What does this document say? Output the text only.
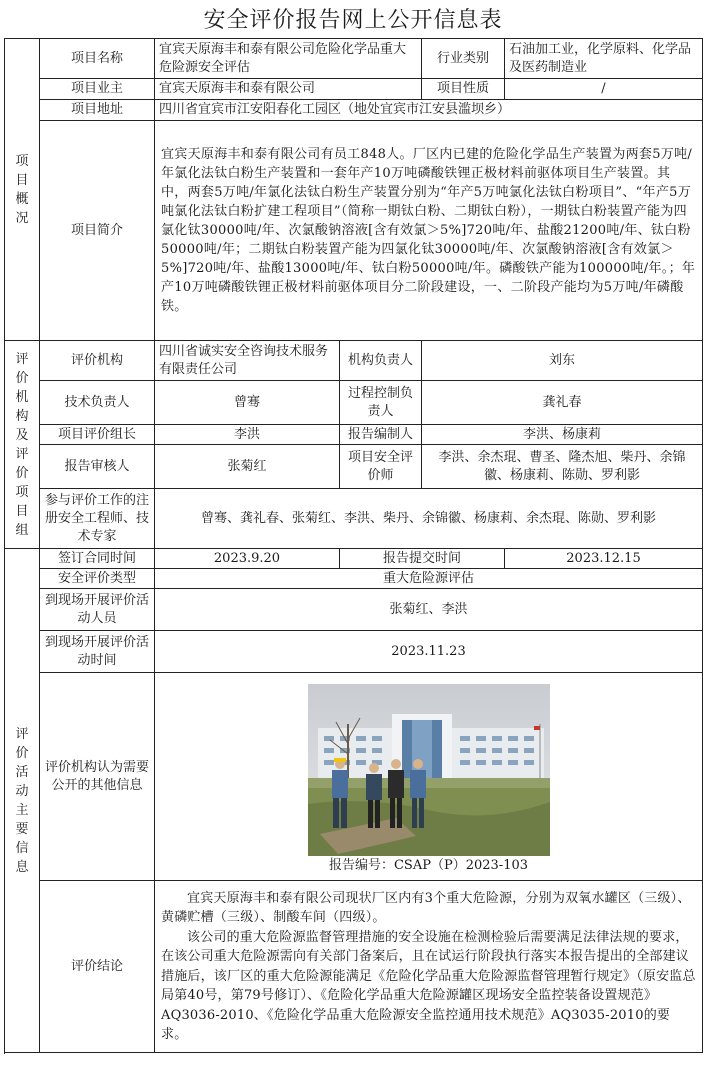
安全评价报告网上公开信息表
项目概况	项目名称	宜宾天原海丰和泰有限公司危险化学品重大危险源安全评估		行业类别	石油加工业，化学原料、化学品及医药制造业
	项目业主	宜宾天原海丰和泰有限公司		项目性质	/
	项目地址	四川省宜宾市江安阳春化工园区（地处宜宾市江安县滥坝乡）			
	项目简介	宜宾天原海丰和泰有限公司有员工848人。厂区内已建的危险化学品生产装置为两套5万吨/年氯化法钛白粉生产装置和一套年产10万吨磷酸铁锂正极材料前驱体项目生产装置。其中，两套5万吨/年氯化法钛白粉生产装置分别为“年产5万吨氯化法钛白粉项目”、“年产5万吨氯化法钛白粉扩建工程项目”（简称一期钛白粉、二期钛白粉），一期钛白粉装置产能为四氯化钛30000吨/年、次氯酸钠溶液[含有效氯＞5%]720吨/年、盐酸21200吨/年、钛白粉50000吨/年；二期钛白粉装置产能为四氯化钛30000吨/年、次氯酸钠溶液[含有效氯＞5%]720吨/年、盐酸13000吨/年、钛白粉50000吨/年。磷酸铁产能为100000吨/年。；年产10万吨磷酸铁锂正极材料前驱体项目分二阶段建设，一、二阶段产能均为5万吨/年磷酸铁。			

评价机构及评价项目组	评价机构	四川省诚实安全咨询技术服务有限责任公司	机构负责人	刘东	
	技术负责人	曾骞	过程控制负责人	龚礼春	
	项目评价组长	李洪	报告编制人	李洪、杨康莉	
	报告审核人	张菊红	项目安全评价师	李洪、余杰琨、曹圣、隆杰旭、柴丹、余锦徽、杨康莉、陈勋、罗利影	
	参与评价工作的注册安全工程师、技术专家	曾骞、龚礼春、张菊红、李洪、柴丹、余锦徽、杨康莉、余杰琨、陈勋、罗利影			

评价活动主要信息	签订合同时间	2023.9.20	报告提交时间		2023.12.15
	安全评价类型	重大危险源评估			
	到现场开展评价活动人员	张菊红、李洪			
	到现场开展评价活动时间	2023.11.23			
	评价机构认为需要公开的其他信息	报告编号：CSAP（P）2023-103			

	评价结论	宜宾天原海丰和泰有限公司现状厂区内有3个重大危险源，分别为双氧水罐区（三级）、黄磷贮槽（三级）、制酸车间（四级）。

该公司的重大危险源监督管理措施的安全设施在检测检验后需要满足法律法规的要求，在该公司重大危险源需向有关部门备案后，且在试运行阶段执行落实本报告提出的全部建议措施后，该厂区的重大危险源能满足《危险化学品重大危险源监督管理暂行规定》（原安监总局第40号，第79号修订）、《危险化学品重大危险源罐区现场安全监控装备设置规范》AQ3036-2010、《危险化学品重大危险源安全监控通用技术规范》AQ3035-2010的要求。			
